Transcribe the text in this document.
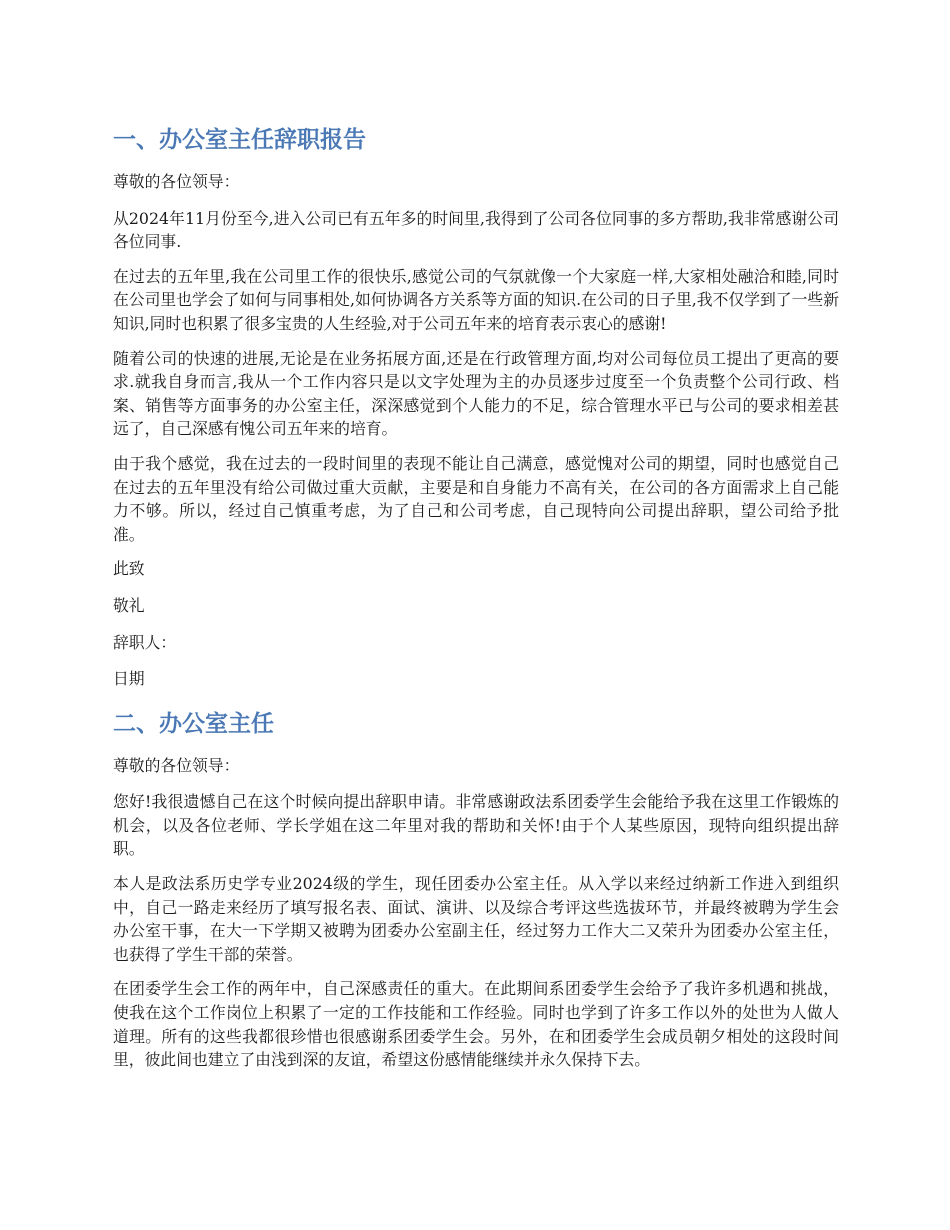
一、办公室主任辞职报告

尊敬的各位领导：

从2024年11月份至今,进入公司已有五年多的时间里,我得到了公司各位同事的多方帮助,我非常感谢公司各位同事.

在过去的五年里,我在公司里工作的很快乐,感觉公司的气氛就像一个大家庭一样,大家相处融洽和睦,同时在公司里也学会了如何与同事相处,如何协调各方关系等方面的知识.在公司的日子里,我不仅学到了一些新知识,同时也积累了很多宝贵的人生经验,对于公司五年来的培育表示衷心的感谢!

随着公司的快速的进展,无论是在业务拓展方面,还是在行政管理方面,均对公司每位员工提出了更高的要求.就我自身而言,我从一个工作内容只是以文字处理为主的办员逐步过度至一个负责整个公司行政、档案、销售等方面事务的办公室主任，深深感觉到个人能力的不足，综合管理水平已与公司的要求相差甚远了，自己深感有愧公司五年来的培育。

由于我个感觉，我在过去的一段时间里的表现不能让自己满意，感觉愧对公司的期望，同时也感觉自己在过去的五年里没有给公司做过重大贡献，主要是和自身能力不高有关，在公司的各方面需求上自己能力不够。所以，经过自己慎重考虑，为了自己和公司考虑，自己现特向公司提出辞职，望公司给予批准。

此致

敬礼

辞职人：

日期

二、办公室主任

尊敬的各位领导：

您好!我很遗憾自己在这个时候向提出辞职申请。非常感谢政法系团委学生会能给予我在这里工作锻炼的机会，以及各位老师、学长学姐在这二年里对我的帮助和关怀!由于个人某些原因，现特向组织提出辞职。

本人是政法系历史学专业2024级的学生，现任团委办公室主任。从入学以来经过纳新工作进入到组织中，自己一路走来经历了填写报名表、面试、演讲、以及综合考评这些选拔环节，并最终被聘为学生会办公室干事，在大一下学期又被聘为团委办公室副主任，经过努力工作大二又荣升为团委办公室主任，也获得了学生干部的荣誉。

在团委学生会工作的两年中，自己深感责任的重大。在此期间系团委学生会给予了我许多机遇和挑战，使我在这个工作岗位上积累了一定的工作技能和工作经验。同时也学到了许多工作以外的处世为人做人道理。所有的这些我都很珍惜也很感谢系团委学生会。另外，在和团委学生会成员朝夕相处的这段时间里，彼此间也建立了由浅到深的友谊，希望这份感情能继续并永久保持下去。
